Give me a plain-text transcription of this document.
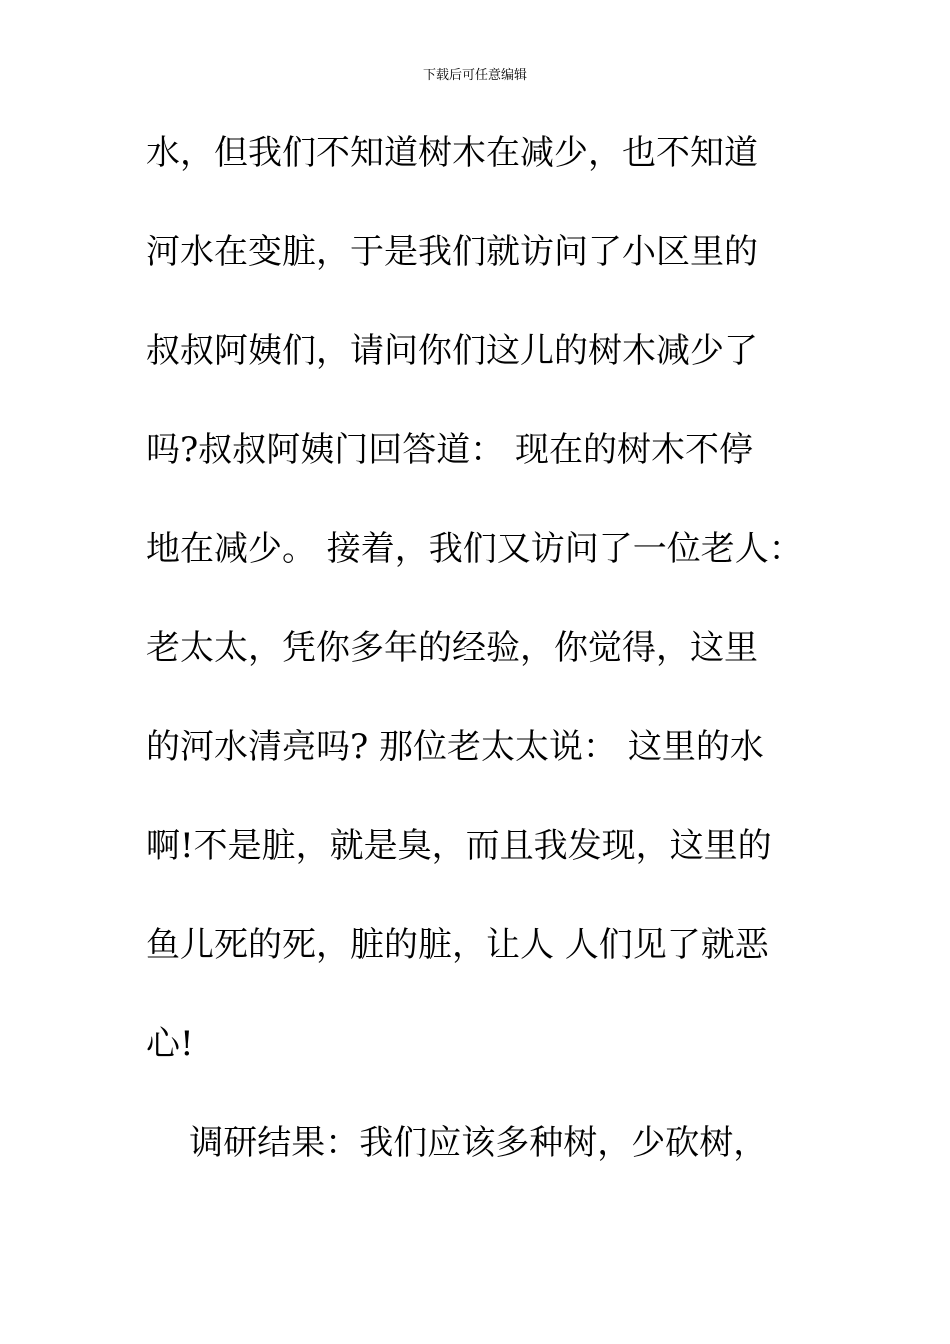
下载后可任意编辑
水，但我们不知道树木在减少，也不知道
河水在变脏，于是我们就访问了小区里的
叔叔阿姨们，请问你们这儿的树木减少了
吗?叔叔阿姨门回答道： 现在的树木不停
地在减少。 接着，我们又访问了一位老人：
老太太，凭你多年的经验，你觉得，这里
的河水清亮吗? 那位老太太说： 这里的水
啊!不是脏，就是臭，而且我发现，这里的
鱼儿死的死，脏的脏，让人 人们见了就恶
心!
调研结果：我们应该多种树，少砍树，
